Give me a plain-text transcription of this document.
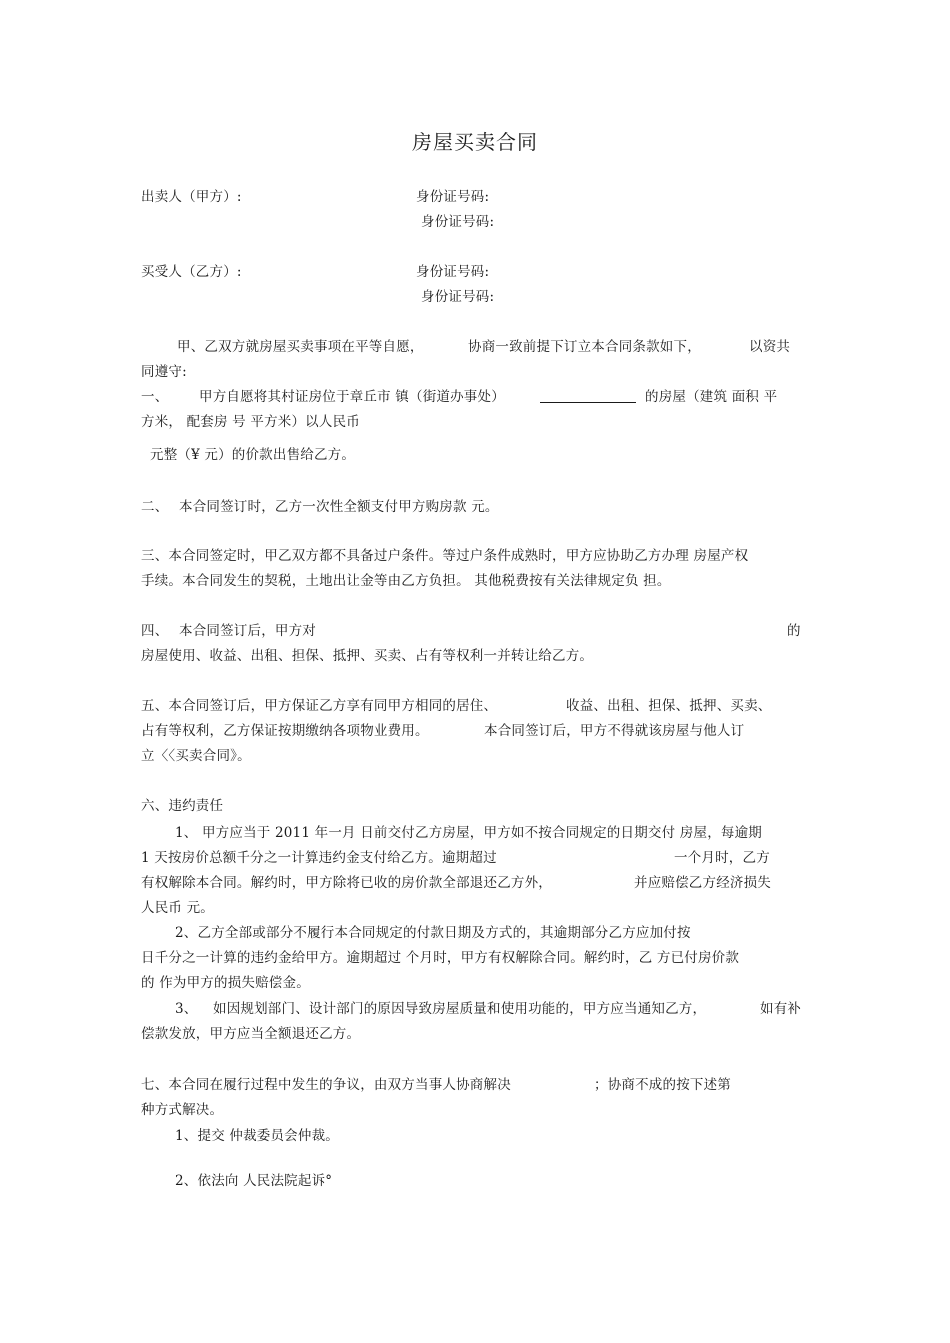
房屋买卖合同
出卖人（甲方）:	身份证号码:
身份证号码:
买受人（乙方）:	身份证号码:
身份证号码:
甲、乙双方就房屋买卖事项在平等自愿，	协商一致前提下订立本合同条款如下，	以资共
同遵守:
一、 甲方自愿将其村证房位于章丘市 镇（街道办事处）	的房屋（建筑 面积 平
方米， 配套房 号 平方米）以人民币
元整（¥ 元）的价款出售给乙方。
二、 本合同签订时，乙方一次性全额支付甲方购房款 元。
三、本合同签定时，甲乙双方都不具备过户条件。等过户条件成熟时，甲方应协助乙方办理 房屋产权
手续。本合同发生的契税，土地出让金等由乙方负担。 其他税费按有关法律规定负 担。
四、 本合同签订后，甲方对	的
房屋使用、收益、出租、担保、抵押、买卖、占有等权利一并转让给乙方。
五、本合同签订后，甲方保证乙方享有同甲方相同的居住、	收益、出租、担保、抵押、买卖、
占有等权利，乙方保证按期缴纳各项物业费用。	本合同签订后，甲方不得就该房屋与他人订
立〈〈买卖合同》。
六、违约责任
1、 甲方应当于 2011 年一月 日前交付乙方房屋，甲方如不按合同规定的日期交付 房屋，每逾期
1 天按房价总额千分之一计算违约金支付给乙方。逾期超过	一个月时，乙方
有权解除本合同。解约时，甲方除将已收的房价款全部退还乙方外，	并应赔偿乙方经济损失
人民币 元。
2、乙方全部或部分不履行本合同规定的付款日期及方式的，其逾期部分乙方应加付按
日千分之一计算的违约金给甲方。逾期超过 个月时，甲方有权解除合同。解约时，乙 方已付房价款
的 作为甲方的损失赔偿金。
3、 如因规划部门、设计部门的原因导致房屋质量和使用功能的，甲方应当通知乙方，	如有补
偿款发放，甲方应当全额退还乙方。
七、本合同在履行过程中发生的争议，由双方当事人协商解决	；协商不成的按下述第
种方式解决。
1、提交 仲裁委员会仲裁。
2、依法向 人民法院起诉°
